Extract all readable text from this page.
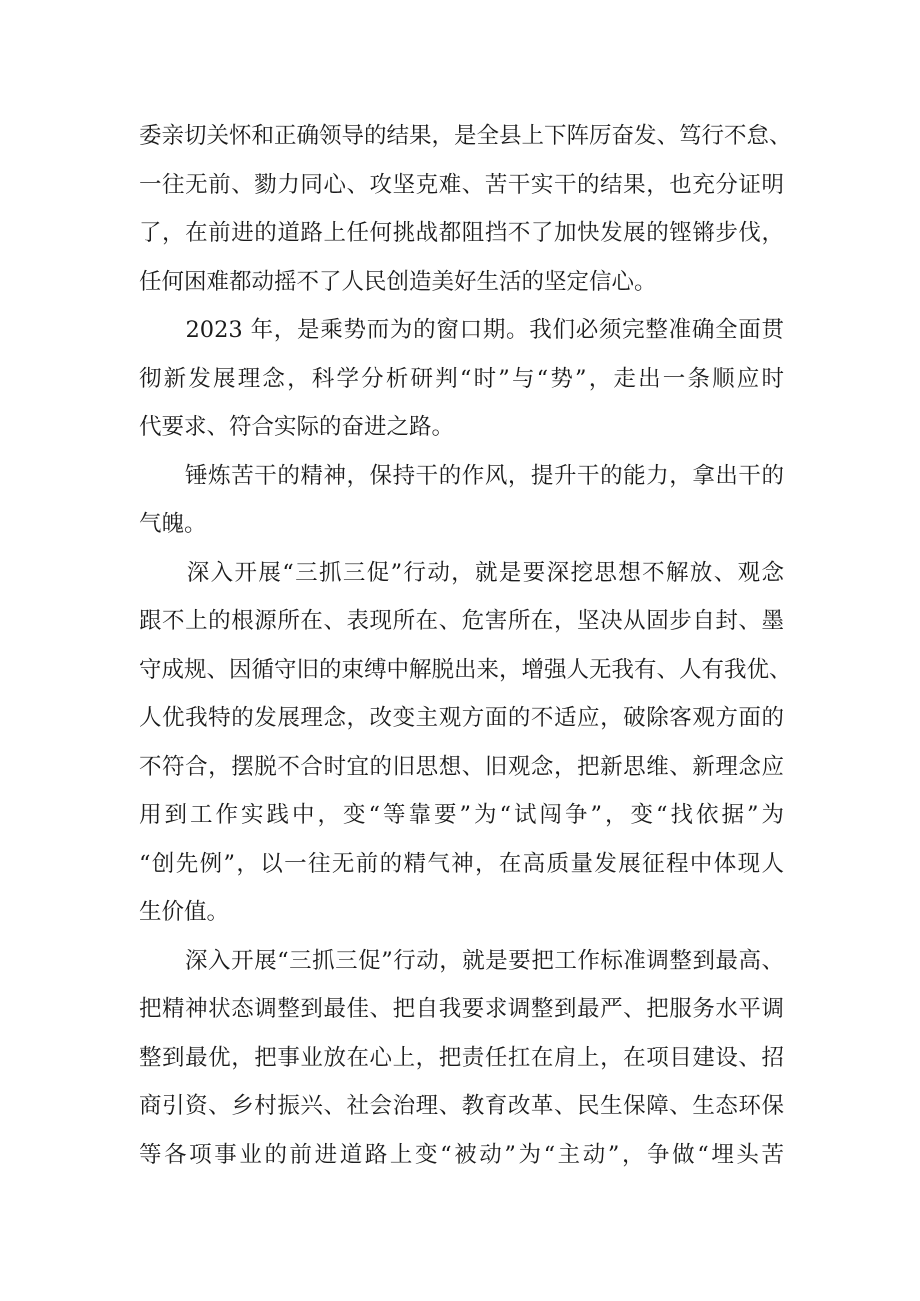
委亲切关怀和正确领导的结果，是全县上下阵厉奋发、笃行不怠、
一往无前、勠力同心、攻坚克难、苦干实干的结果，也充分证明
了，在前进的道路上任何挑战都阻挡不了加快发展的铿锵步伐，
任何困难都动摇不了人民创造美好生活的坚定信心。
　　2023 年，是乘势而为的窗口期。我们必须完整准确全面贯
彻新发展理念，科学分析研判“时”与“势”，走出一条顺应时
代要求、符合实际的奋进之路。
　　锤炼苦干的精神，保持干的作风，提升干的能力，拿出干的
气魄。
　　深入开展“三抓三促”行动，就是要深挖思想不解放、观念
跟不上的根源所在、表现所在、危害所在，坚决从固步自封、墨
守成规、因循守旧的束缚中解脱出来，增强人无我有、人有我优、
人优我特的发展理念，改变主观方面的不适应，破除客观方面的
不符合，摆脱不合时宜的旧思想、旧观念，把新思维、新理念应
用到工作实践中，变“等靠要”为“试闯争”，变“找依据”为
“创先例”，以一往无前的精气神，在高质量发展征程中体现人
生价值。
　　深入开展“三抓三促”行动，就是要把工作标准调整到最高、
把精神状态调整到最佳、把自我要求调整到最严、把服务水平调
整到最优，把事业放在心上，把责任扛在肩上，在项目建设、招
商引资、乡村振兴、社会治理、教育改革、民生保障、生态环保
等各项事业的前进道路上变“被动”为“主动”，争做“埋头苦
